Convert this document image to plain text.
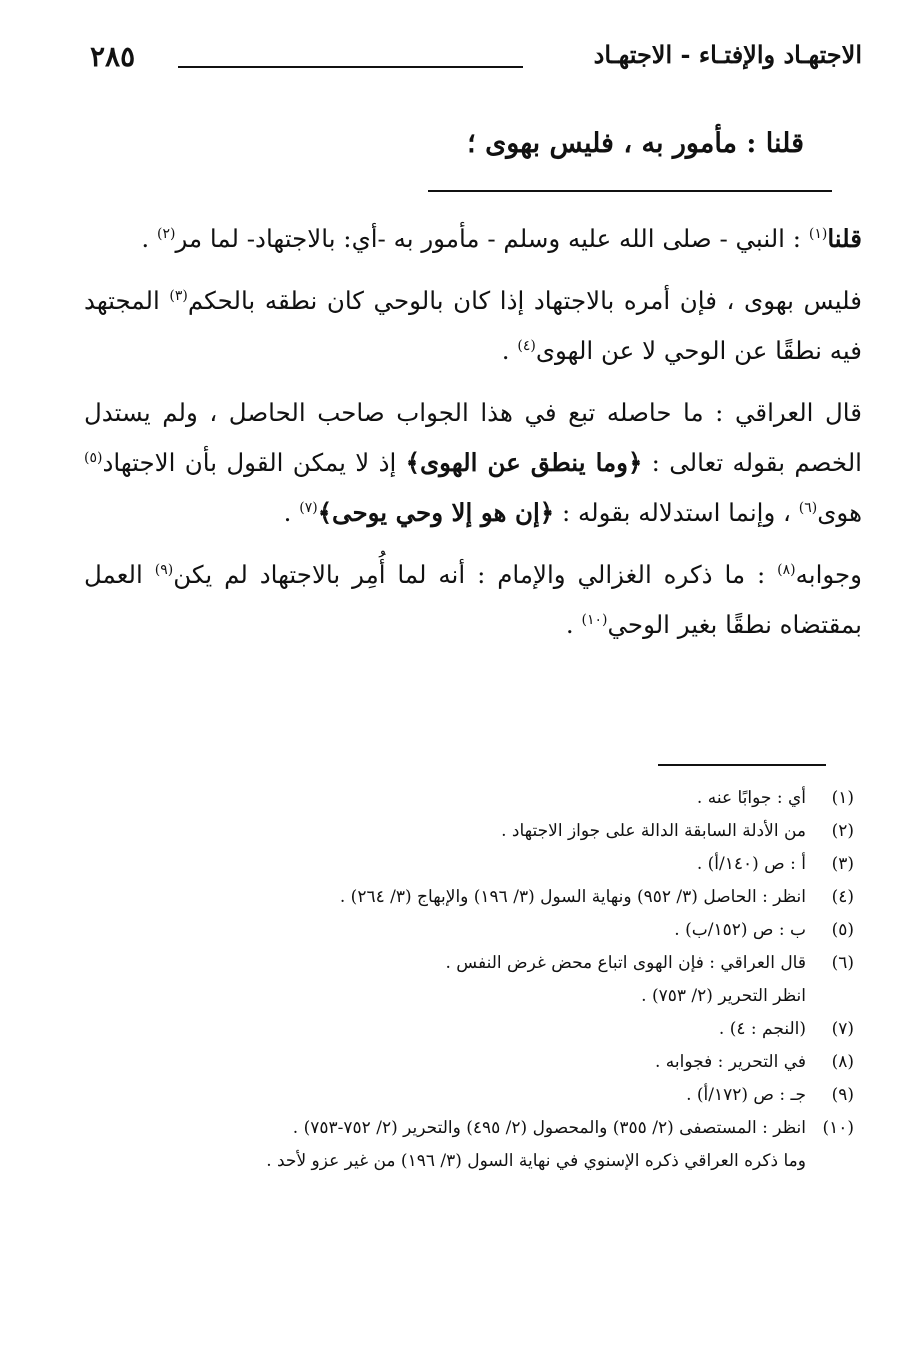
٢٨٥	الاجتهـاد والإفتـاء - الاجتهـاد
قلنا : مأمور به ، فليس بهوى ؛

قلنا$^{(١)}$ : النبي - صلى الله عليه وسلم - مأمور به -أي: بالاجتهاد- لما مر$^{(٢)}$ .

فليس بهوى ، فإن أمره بالاجتهاد إذا كان بالوحي كان نطقه بالحكم$^{(٣)}$ المجتهد فيه نطقًا عن الوحي لا عن الهوى$^{(٤)}$ .

قال العراقي : ما حاصله تبع في هذا الجواب صاحب الحاصل ، ولم يستدل الخصم بقوله تعالى : ﴿وما ينطق عن الهوى﴾ إذ لا يمكن القول بأن الاجتهاد$^{(٥)}$ هوى$^{(٦)}$ ، وإنما استدلاله بقوله : ﴿إن هو إلا وحي يوحى﴾$^{(٧)}$ .

وجوابه$^{(٨)}$ : ما ذكره الغزالي والإمام : أنه لما أُمِر بالاجتهاد لم يكن$^{(٩)}$ العمل بمقتضاه نطقًا بغير الوحي$^{(١٠)}$ .

(١)أي : جوابًا عنه .
(٢)من الأدلة السابقة الدالة على جواز الاجتهاد .
(٣)أ : ص (١٤٠/أ) .
(٤)انظر : الحاصل (٣/ ٩٥٢) ونهاية السول (٣/ ١٩٦) والإبهاج (٣/ ٢٦٤) .
(٥)ب : ص (١٥٢/ب) .
(٦)قال العراقي : فإن الهوى اتباع محض غرض النفس .
انظر التحرير (٢/ ٧٥٣) .
(٧)(النجم : ٤) .
(٨)في التحرير : فجوابه .
(٩)جـ : ص (١٧٢/أ) .
(١٠)انظر : المستصفى (٢/ ٣٥٥) والمحصول (٢/ ٤٩٥) والتحرير (٢/ ٧٥٢-٧٥٣) .
وما ذكره العراقي ذكره الإسنوي في نهاية السول (٣/ ١٩٦) من غير عزو لأحد .
